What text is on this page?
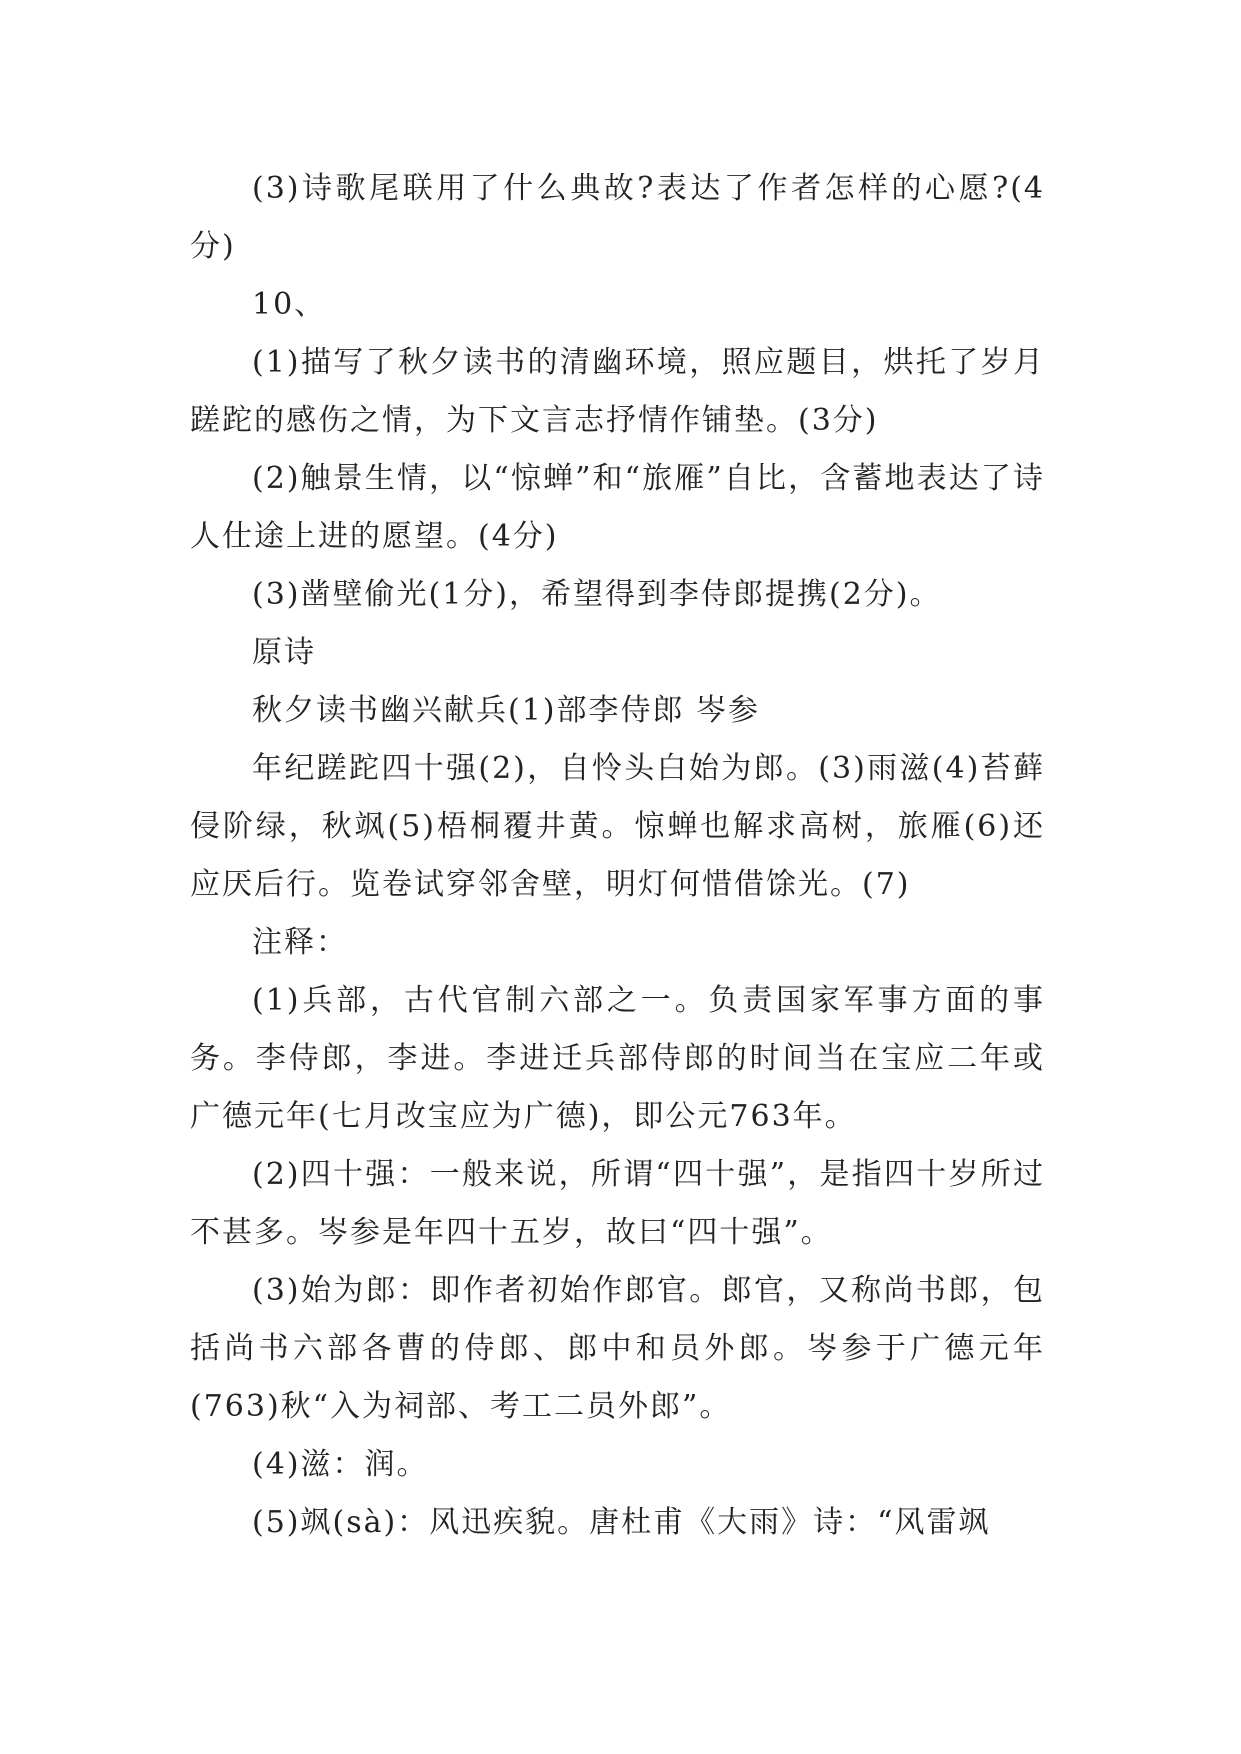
(3)诗歌尾联用了什么典故?表达了作者怎样的心愿?(4分)

10、

(1)描写了秋夕读书的清幽环境，照应题目，烘托了岁月蹉跎的感伤之情，为下文言志抒情作铺垫。(3分)

(2)触景生情，以“惊蝉”和“旅雁”自比，含蓄地表达了诗人仕途上进的愿望。(4分)

(3)凿壁偷光(1分)，希望得到李侍郎提携(2分)。

原诗

秋夕读书幽兴献兵(1)部李侍郎 岑参

年纪蹉跎四十强(2)，自怜头白始为郎。(3)雨滋(4)苔藓侵阶绿，秋飒(5)梧桐覆井黄。惊蝉也解求高树，旅雁(6)还应厌后行。览卷试穿邻舍壁，明灯何惜借馀光。(7)

注释：

(1)兵部，古代官制六部之一。负责国家军事方面的事务。李侍郎，李进。李进迁兵部侍郎的时间当在宝应二年或广德元年(七月改宝应为广德)，即公元763年。

(2)四十强：一般来说，所谓“四十强”，是指四十岁所过不甚多。岑参是年四十五岁，故曰“四十强”。

(3)始为郎：即作者初始作郎官。郎官，又称尚书郎，包括尚书六部各曹的侍郎、郎中和员外郎。岑参于广德元年(763)秋“入为祠部、考工二员外郎”。

(4)滋：润。

(5)飒(sà)：风迅疾貌。唐杜甫《大雨》诗：“风雷飒
